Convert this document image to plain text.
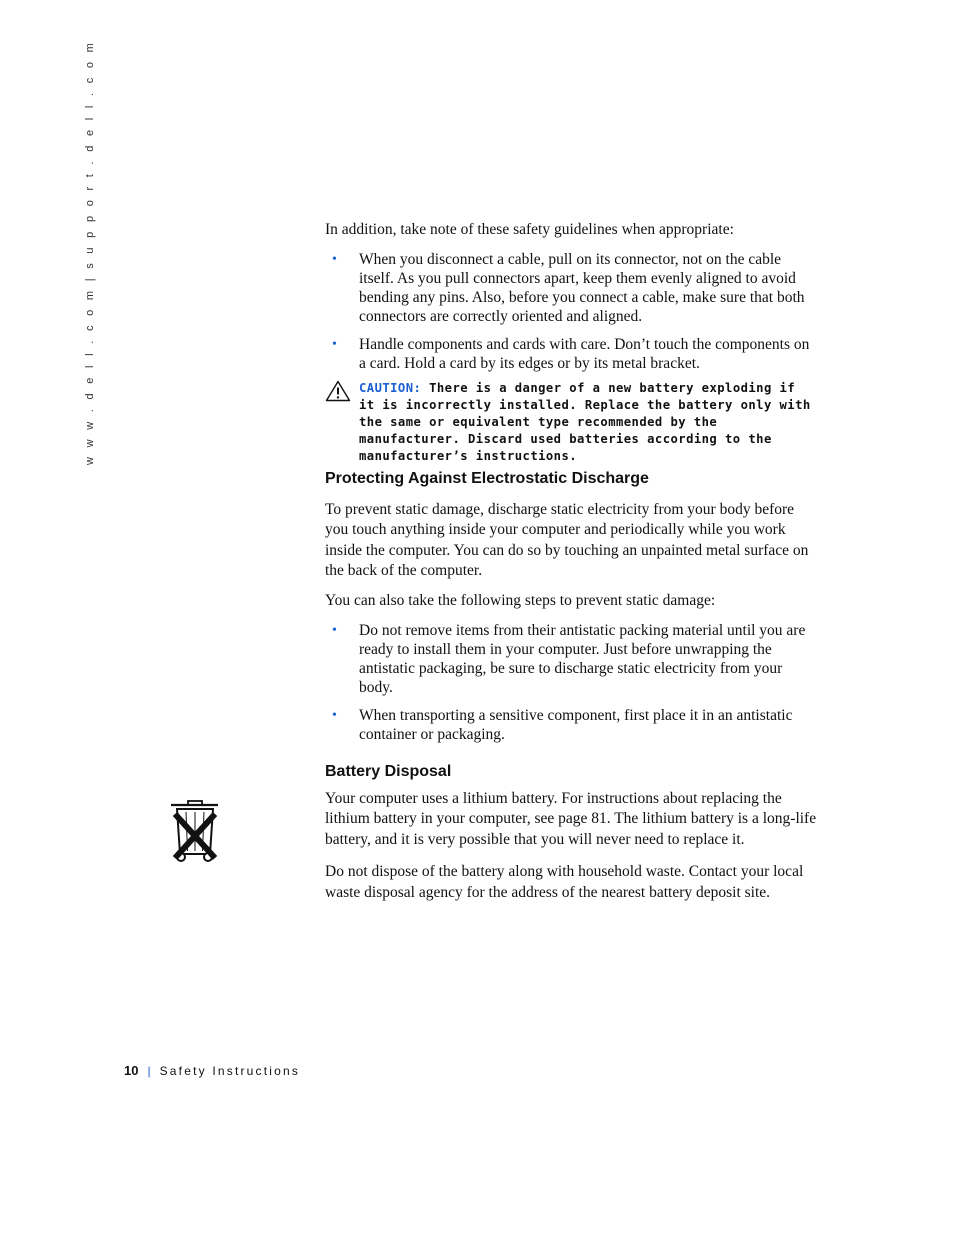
w w w . d e l l . c o m | s u p p o r t . d e l l . c o m	In addition, take note of these safety guidelines when appropriate:

• When you disconnect a cable, pull on its connector, not on the cable itself. As you pull connectors apart, keep them evenly aligned to avoid bending any pins. Also, before you connect a cable, make sure that both connectors are correctly oriented and aligned.
• Handle components and cards with care. Don’t touch the components on a card. Hold a card by its edges or by its metal bracket.

CAUTION: There is a danger of a new battery exploding if it is incorrectly installed. Replace the battery only with the same or equivalent type recommended by the manufacturer. Discard used batteries according to the manufacturer’s instructions.

Protecting Against Electrostatic Discharge

To prevent static damage, discharge static electricity from your body before you touch anything inside your computer and periodically while you work inside the computer. You can do so by touching an unpainted metal surface on the back of the computer.

You can also take the following steps to prevent static damage:

• Do not remove items from their antistatic packing material until you are ready to install them in your computer. Just before unwrapping the antistatic packaging, be sure to discharge static electricity from your body.
• When transporting a sensitive component, first place it in an antistatic container or packaging.
Battery Disposal

Your computer uses a lithium battery. For instructions about replacing the lithium battery in your computer, see page 81. The lithium battery is a long-life battery, and it is very possible that you will never need to replace it.

Do not dispose of the battery along with household waste. Contact your local waste disposal agency for the address of the nearest battery deposit site.

10 | Safety Instructions
